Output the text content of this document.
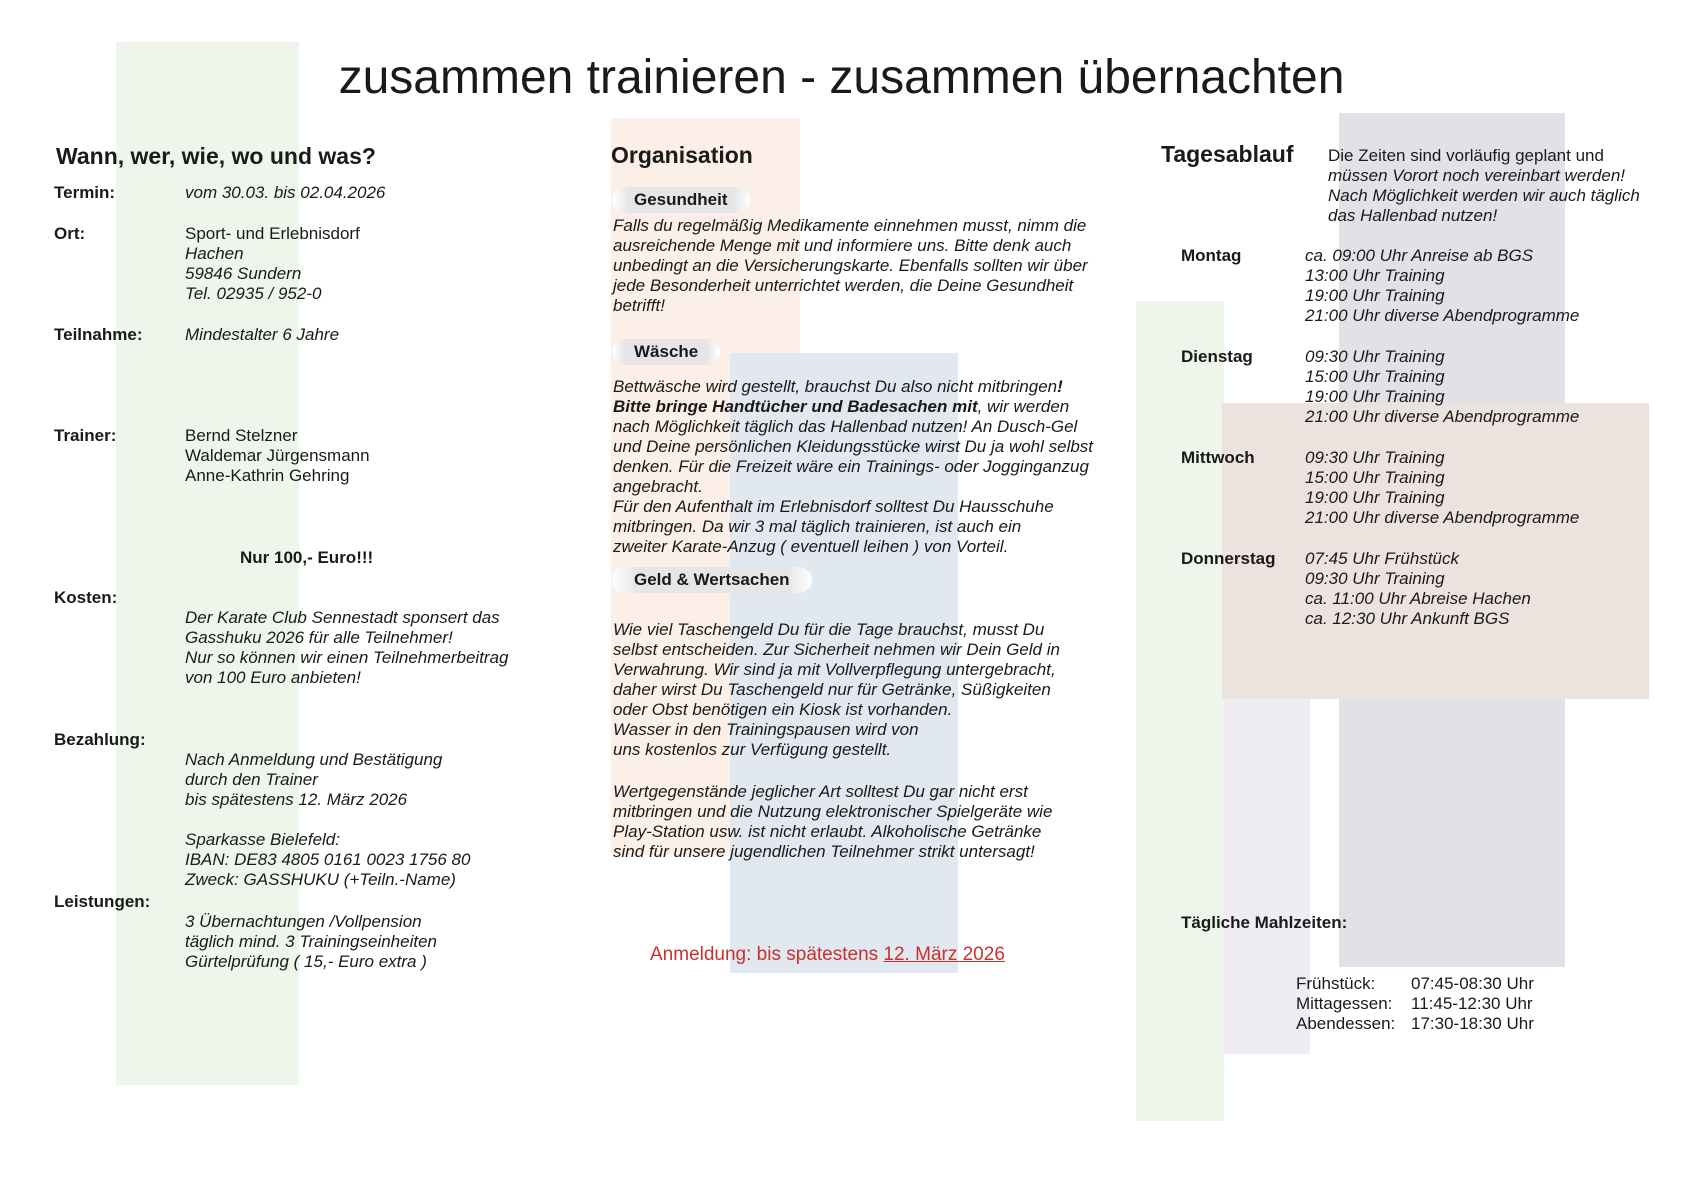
zusammen trainieren - zusammen übernachten
Wann, wer, wie, wo und was?
Termin:	vom 30.03. bis 02.04.2026
Ort:	Sport- und Erlebnisdorf
Hachen
59846 Sundern
Tel. 02935 / 952-0
Teilnahme:	Mindestalter 6 Jahre
Trainer:	Bernd Stelzner
Waldemar Jürgensmann
Anne-Kathrin Gehring
Nur 100,- Euro!!!
Kosten:
Der Karate Club Sennestadt sponsert das
Gasshuku 2026 für alle Teilnehmer!
Nur so können wir einen Teilnehmerbeitrag
von 100 Euro anbieten!
Bezahlung:
Nach Anmeldung und Bestätigung
durch den Trainer
bis spätestens 12. März 2026
Sparkasse Bielefeld:
IBAN: DE83 4805 0161 0023 1756 80
Zweck: GASSHUKU (+Teiln.-Name)
Leistungen:
3 Übernachtungen /Vollpension
täglich mind. 3 Trainingseinheiten
Gürtelprüfung ( 15,- Euro extra )
Organisation
Gesundheit
Falls du regelmäßig Medikamente einnehmen musst, nimm die
ausreichende Menge mit und informiere uns. Bitte denk auch
unbedingt an die Versicherungskarte. Ebenfalls sollten wir über
jede Besonderheit unterrichtet werden, die Deine Gesundheit
betrifft!
Wäsche
Bettwäsche wird gestellt, brauchst Du also nicht mitbringen!
Bitte bringe Handtücher und Badesachen mit, wir werden
nach Möglichkeit täglich das Hallenbad nutzen! An Dusch-Gel
und Deine persönlichen Kleidungsstücke wirst Du ja wohl selbst
denken. Für die Freizeit wäre ein Trainings- oder Jogginganzug
angebracht.
Für den Aufenthalt im Erlebnisdorf solltest Du Hausschuhe
mitbringen. Da wir 3 mal täglich trainieren, ist auch ein
zweiter Karate-Anzug ( eventuell leihen ) von Vorteil.
Geld & Wertsachen
Wie viel Taschengeld Du für die Tage brauchst, musst Du
selbst entscheiden. Zur Sicherheit nehmen wir Dein Geld in
Verwahrung. Wir sind ja mit Vollverpflegung untergebracht,
daher wirst Du Taschengeld nur für Getränke, Süßigkeiten
oder Obst benötigen ein Kiosk ist vorhanden.
Wasser in den Trainingspausen wird von
uns kostenlos zur Verfügung gestellt.
Wertgegenstände jeglicher Art solltest Du gar nicht erst
mitbringen und die Nutzung elektronischer Spielgeräte wie
Play-Station usw. ist nicht erlaubt. Alkoholische Getränke
sind für unsere jugendlichen Teilnehmer strikt untersagt!
Anmeldung: bis spätestens 12. März 2026
Tagesablauf Die Zeiten sind vorläufig geplant und
müssen Vorort noch vereinbart werden!
Nach Möglichkeit werden wir auch täglich
das Hallenbad nutzen!
Montag	ca. 09:00 Uhr Anreise ab BGS
13:00 Uhr Training
19:00 Uhr Training
21:00 Uhr diverse Abendprogramme
Dienstag	09:30 Uhr Training
15:00 Uhr Training
19:00 Uhr Training
21:00 Uhr diverse Abendprogramme
Mittwoch	09:30 Uhr Training
15:00 Uhr Training
19:00 Uhr Training
21:00 Uhr diverse Abendprogramme
Donnerstag 07:45 Uhr Frühstück
09:30 Uhr Training
ca. 11:00 Uhr Abreise Hachen
ca. 12:30 Uhr Ankunft BGS
Tägliche Mahlzeiten:
Frühstück:	07:45-08:30 Uhr
Mittagessen:	11:45-12:30 Uhr
Abendessen: 17:30-18:30 Uhr
